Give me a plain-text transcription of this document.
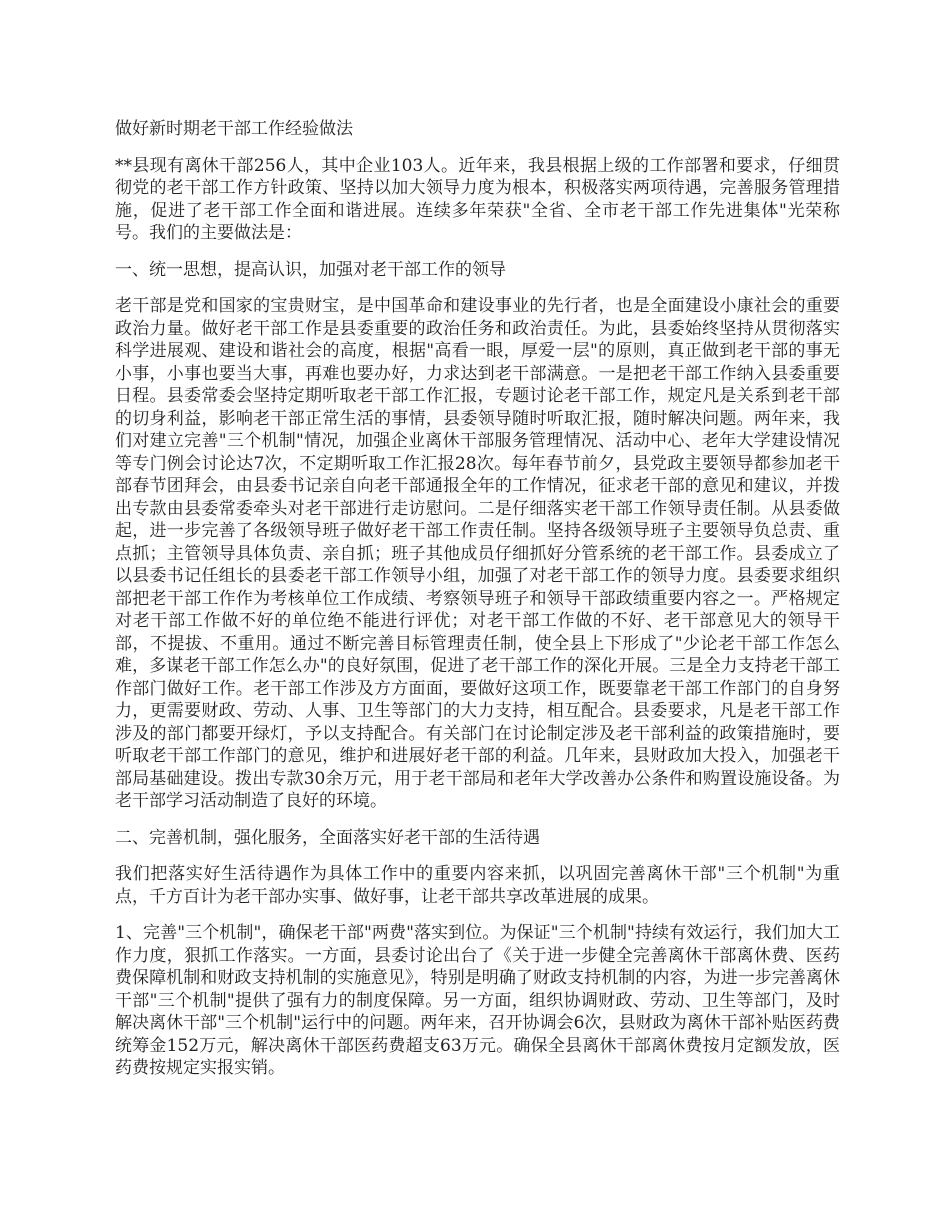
做好新时期老干部工作经验做法
**县现有离休干部256人，其中企业103人。近年来，我县根据上级的工作部署和要求，仔细贯彻党的老干部工作方针政策、坚持以加大领导力度为根本，积极落实两项待遇，完善服务管理措施，促进了老干部工作全面和谐进展。连续多年荣获"全省、全市老干部工作先进集体"光荣称号。我们的主要做法是：
一、统一思想，提高认识，加强对老干部工作的领导
老干部是党和国家的宝贵财宝，是中国革命和建设事业的先行者，也是全面建设小康社会的重要政治力量。做好老干部工作是县委重要的政治任务和政治责任。为此，县委始终坚持从贯彻落实科学进展观、建设和谐社会的高度，根据"高看一眼，厚爱一层"的原则，真正做到老干部的事无小事，小事也要当大事，再难也要办好，力求达到老干部满意。一是把老干部工作纳入县委重要日程。县委常委会坚持定期听取老干部工作汇报，专题讨论老干部工作，规定凡是关系到老干部的切身利益，影响老干部正常生活的事情，县委领导随时听取汇报，随时解决问题。两年来，我们对建立完善"三个机制"情况，加强企业离休干部服务管理情况、活动中心、老年大学建设情况等专门例会讨论达7次，不定期听取工作汇报28次。每年春节前夕，县党政主要领导都参加老干部春节团拜会，由县委书记亲自向老干部通报全年的工作情况，征求老干部的意见和建议，并拨出专款由县委常委牵头对老干部进行走访慰问。二是仔细落实老干部工作领导责任制。从县委做起，进一步完善了各级领导班子做好老干部工作责任制。坚持各级领导班子主要领导负总责、重点抓；主管领导具体负责、亲自抓；班子其他成员仔细抓好分管系统的老干部工作。县委成立了以县委书记任组长的县委老干部工作领导小组，加强了对老干部工作的领导力度。县委要求组织部把老干部工作作为考核单位工作成绩、考察领导班子和领导干部政绩重要内容之一。严格规定对老干部工作做不好的单位绝不能进行评优；对老干部工作做的不好、老干部意见大的领导干部，不提拔、不重用。通过不断完善目标管理责任制，使全县上下形成了"少论老干部工作怎么难，多谋老干部工作怎么办"的良好氛围，促进了老干部工作的深化开展。三是全力支持老干部工作部门做好工作。老干部工作涉及方方面面，要做好这项工作，既要靠老干部工作部门的自身努力，更需要财政、劳动、人事、卫生等部门的大力支持，相互配合。县委要求，凡是老干部工作涉及的部门都要开绿灯，予以支持配合。有关部门在讨论制定涉及老干部利益的政策措施时，要听取老干部工作部门的意见，维护和进展好老干部的利益。几年来，县财政加大投入，加强老干部局基础建设。拨出专款30余万元，用于老干部局和老年大学改善办公条件和购置设施设备。为老干部学习活动制造了良好的环境。
二、完善机制，强化服务，全面落实好老干部的生活待遇
我们把落实好生活待遇作为具体工作中的重要内容来抓，以巩固完善离休干部"三个机制"为重点，千方百计为老干部办实事、做好事，让老干部共享改革进展的成果。
1、完善"三个机制"，确保老干部"两费"落实到位。为保证"三个机制"持续有效运行，我们加大工作力度，狠抓工作落实。一方面，县委讨论出台了《关于进一步健全完善离休干部离休费、医药费保障机制和财政支持机制的实施意见》，特别是明确了财政支持机制的内容，为进一步完善离休干部"三个机制"提供了强有力的制度保障。另一方面，组织协调财政、劳动、卫生等部门，及时解决离休干部"三个机制"运行中的问题。两年来，召开协调会6次，县财政为离休干部补贴医药费统筹金152万元，解决离休干部医药费超支63万元。确保全县离休干部离休费按月定额发放，医药费按规定实报实销。
